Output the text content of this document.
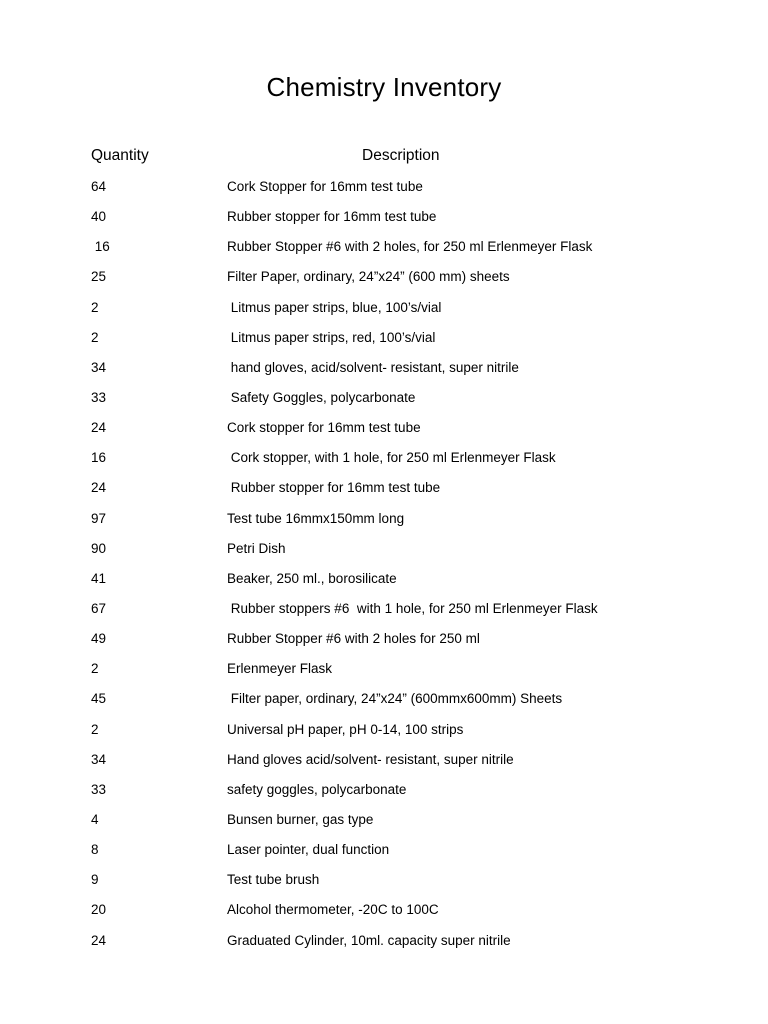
Chemistry Inventory
Quantity	Description
64	Cork Stopper for 16mm test tube
40	Rubber stopper for 16mm test tube
16	Rubber Stopper #6 with 2 holes, for 250 ml Erlenmeyer Flask
25	Filter Paper, ordinary, 24”x24” (600 mm) sheets
2	Litmus paper strips, blue, 100’s/vial
2	Litmus paper strips, red, 100’s/vial
34	hand gloves, acid/solvent- resistant, super nitrile
33	Safety Goggles, polycarbonate
24	Cork stopper for 16mm test tube
16	Cork stopper, with 1 hole, for 250 ml Erlenmeyer Flask
24	Rubber stopper for 16mm test tube
97	Test tube 16mmx150mm long
90	Petri Dish
41	Beaker, 250 ml., borosilicate
67	Rubber stoppers #6  with 1 hole, for 250 ml Erlenmeyer Flask
49	Rubber Stopper #6 with 2 holes for 250 ml
2	Erlenmeyer Flask
45	Filter paper, ordinary, 24”x24” (600mmx600mm) Sheets
2	Universal pH paper, pH 0-14, 100 strips
34	Hand gloves acid/solvent- resistant, super nitrile
33	safety goggles, polycarbonate
4	Bunsen burner, gas type
8	Laser pointer, dual function
9	Test tube brush
20	Alcohol thermometer, -20C to 100C
24	Graduated Cylinder, 10ml. capacity super nitrile
